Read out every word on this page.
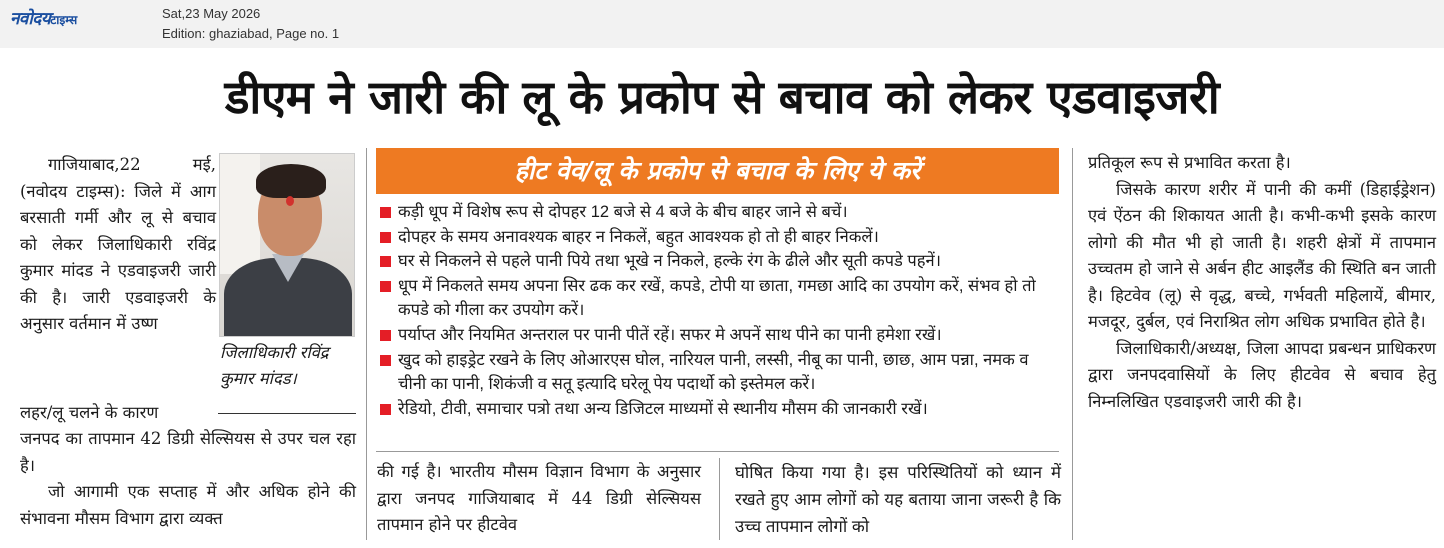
नवोदयटाइम्स	Sat,23 May 2026
Edition: ghaziabad, Page no. 1
डीएम ने जारी की लू के प्रकोप से बचाव को लेकर एडवाइजरी

गाजियाबाद,22 मई,(नवोदय टाइम्स): जिले में आग बरसाती गर्मी और लू से बचाव को लेकर जिलाधिकारी रविंद्र कुमार मांदड ने एडवाइजरी जारी की है। जारी एडवाइजरी के अनुसार वर्तमान में उष्ण

लहर/लू चलने के कारण

जनपद का तापमान 42 डिग्री सेल्सियस से उपर चल रहा है।

जो आगामी एक सप्ताह में और अधिक होने की संभावना मौसम विभाग द्वारा व्यक्त

जिलाधिकारी रविंद्र कुमार मांदड।
हीट वेव/लू के प्रकोप से बचाव के लिए ये करें
कड़ी धूप में विशेष रूप से दोपहर 12 बजे से 4 बजे के बीच बाहर जाने से बचें।
दोपहर के समय अनावश्यक बाहर न निकलें, बहुत आवश्यक हो तो ही बाहर निकलें।
घर से निकलने से पहले पानी पिये तथा भूखे न निकले, हल्के रंग के ढीले और सूती कपडे पहनें।
धूप में निकलते समय अपना सिर ढक कर रखें, कपडे, टोपी या छाता, गमछा आदि का उपयोग करें, संभव हो तो कपडे को गीला कर उपयोग करें।
पर्याप्त और नियमित अन्तराल पर पानी पीतें रहें। सफर मे अपनें साथ पीने का पानी हमेशा रखें।
खुद को हाइड्रेट रखने के लिए ओआरएस घोल, नारियल पानी, लस्सी, नीबू का पानी, छाछ, आम पन्ना, नमक व चीनी का पानी, शिकंजी व सतू इत्यादि घरेलू पेय पदार्थो को इस्तेमल करें।
रेडियो, टीवी, समाचार पत्रो तथा अन्य डिजिटल माध्यमों से स्थानीय मौसम की जानकारी रखें।

की गई है। भारतीय मौसम विज्ञान विभाग के अनुसार द्वारा जनपद गाजियाबाद में 44 डिग्री सेल्सियस तापमान होने पर हीटवेव

घोषित किया गया है। इस परिस्थितियों को ध्यान में रखते हुए आम लोगों को यह बताया जाना जरूरी है कि उच्च तापमान लोगों को

प्रतिकूल रूप से प्रभावित करता है।

जिसके कारण शरीर में पानी की कमीं (डिहाईड्रेशन) एवं ऐंठन की शिकायत आती है। कभी-कभी इसके कारण लोगो की मौत भी हो जाती है। शहरी क्षेत्रों में तापमान उच्चतम हो जाने से अर्बन हीट आइलैंड की स्थिति बन जाती है। हिटवेव (लू) से वृद्ध, बच्चे, गर्भवती महिलायें, बीमार, मजदूर, दुर्बल, एवं निराश्रित लोग अधिक प्रभावित होते है।

जिलाधिकारी/अध्यक्ष, जिला आपदा प्रबन्धन प्राधिकरण द्वारा जनपदवासियों के लिए हीटवेव से बचाव हेतु निम्नलिखित एडवाइजरी जारी की है।
